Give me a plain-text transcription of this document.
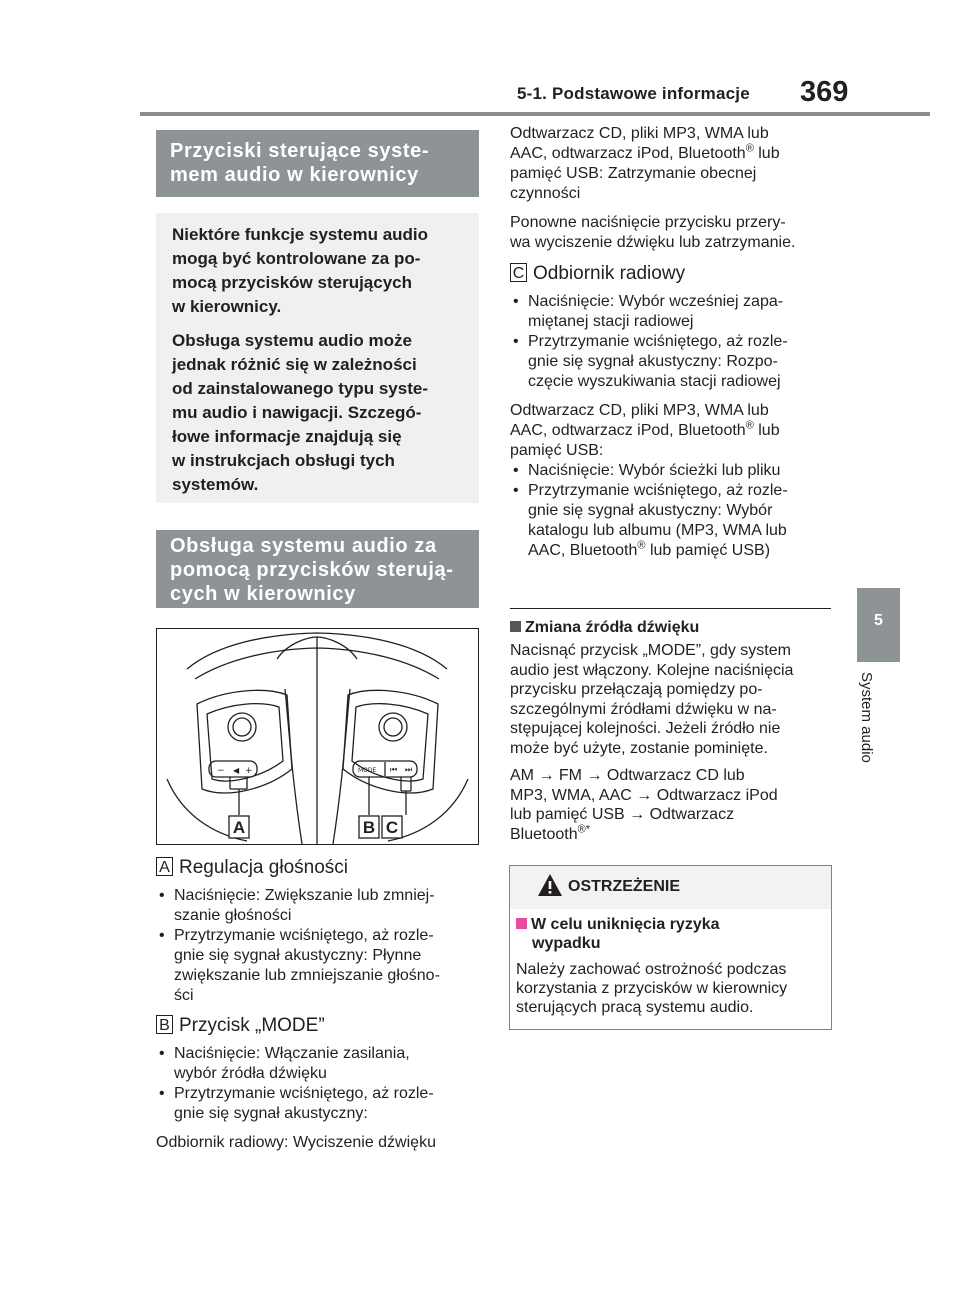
5-1. Podstawowe informacje 369
5
System audio
Przyciski sterujące syste-
mem audio w kierownicy

Niektóre funkcje systemu audio
mogą być kontrolowane za po-
mocą przycisków sterujących
w kierownicy.

Obsługa systemu audio może
jednak różnić się w zależności
od zainstalowanego typu syste-
mu audio i nawigacji. Szczegó-
łowe informacje znajdują się
w instrukcjach obsługi tych
systemów.

Obsługa systemu audio za
pomocą przycisków sterują-
cych w kierownicy
− ◀ +	MODE ⏮ ⏭
A	B C
A Regulacja głośności
• Naciśnięcie: Zwiększanie lub zmniej-
szanie głośności
• Przytrzymanie wciśniętego, aż rozle-
gnie się sygnał akustyczny: Płynne
zwiększanie lub zmniejszanie głośno-
ści
B Przycisk „MODE”
• Naciśnięcie: Włączanie zasilania,
wybór źródła dźwięku
• Przytrzymanie wciśniętego, aż rozle-
gnie się sygnał akustyczny:
Odbiornik radiowy: Wyciszenie dźwięku
Odtwarzacz CD, pliki MP3, WMA lub
AAC, odtwarzacz iPod, Bluetooth® lub
pamięć USB: Zatrzymanie obecnej
czynności
Ponowne naciśnięcie przycisku przery-
wa wyciszenie dźwięku lub zatrzymanie.
C Odbiornik radiowy
• Naciśnięcie: Wybór wcześniej zapa-
miętanej stacji radiowej
• Przytrzymanie wciśniętego, aż rozle-
gnie się sygnał akustyczny: Rozpo-
częcie wyszukiwania stacji radiowej
Odtwarzacz CD, pliki MP3, WMA lub
AAC, odtwarzacz iPod, Bluetooth® lub
pamięć USB:
• Naciśnięcie: Wybór ścieżki lub pliku
• Przytrzymanie wciśniętego, aż rozle-
gnie się sygnał akustyczny: Wybór
katalogu lub albumu (MP3, WMA lub
AAC, Bluetooth® lub pamięć USB)
Zmiana źródła dźwięku
Nacisnąć przycisk „MODE”, gdy system
audio jest włączony. Kolejne naciśnięcia
przycisku przełączają pomiędzy po-
szczególnymi źródłami dźwięku w na-
stępującej kolejności. Jeżeli źródło nie
może być użyte, zostanie pominięte.
AM → FM → Odtwarzacz CD lub
MP3, WMA, AAC → Odtwarzacz iPod
lub pamięć USB → Odtwarzacz
Bluetooth®*
OSTRZEŻENIE
W celu uniknięcia ryzyka
wypadku
Należy zachować ostrożność podczas
korzystania z przycisków w kierownicy
sterujących pracą systemu audio.
